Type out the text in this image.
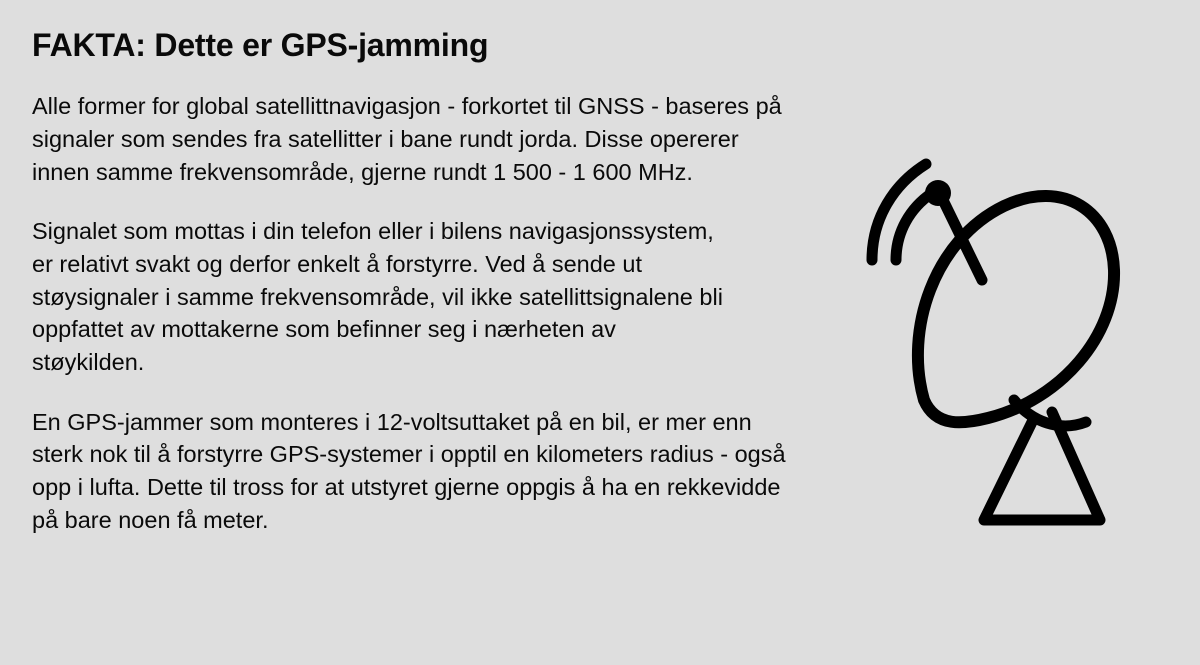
FAKTA: Dette er GPS-jamming

Alle former for global satellittnavigasjon - forkortet til GNSS - baseres på signaler som sendes fra satellitter i bane rundt jorda. Disse opererer innen samme frekvensområde, gjerne rundt 1 500 - 1 600 MHz.

Signalet som mottas i din telefon eller i bilens navigasjonssystem, er relativt svakt og derfor enkelt å forstyrre. Ved å sende ut støysignaler i samme frekvensområde, vil ikke satellittsignalene bli oppfattet av mottakerne som befinner seg i nærheten av støykilden.

En GPS-jammer som monteres i 12-voltsuttaket på en bil, er mer enn sterk nok til å forstyrre GPS-systemer i opptil en kilometers radius - også opp i lufta. Dette til tross for at utstyret gjerne oppgis å ha en rekkevidde på bare noen få meter.
